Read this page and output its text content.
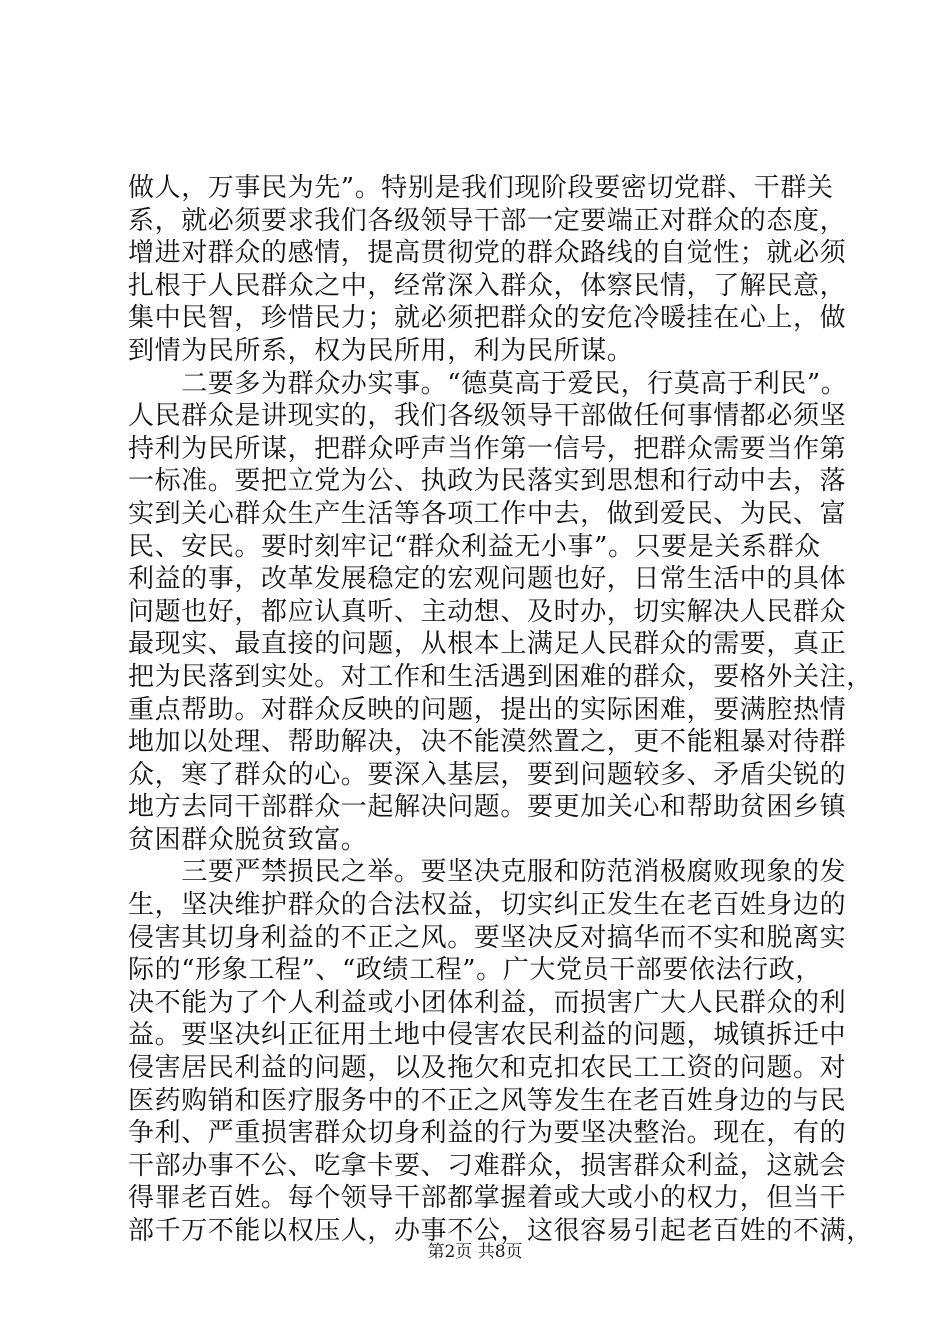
做人，万事民为先”。特别是我们现阶段要密切党群、干群关
系，就必须要求我们各级领导干部一定要端正对群众的态度，
增进对群众的感情，提高贯彻党的群众路线的自觉性；就必须
扎根于人民群众之中，经常深入群众，体察民情，了解民意，
集中民智，珍惜民力；就必须把群众的安危冷暖挂在心上，做
到情为民所系，权为民所用，利为民所谋。
　　二要多为群众办实事。“德莫高于爱民，行莫高于利民”。
人民群众是讲现实的，我们各级领导干部做任何事情都必须坚
持利为民所谋，把群众呼声当作第一信号，把群众需要当作第
一标准。要把立党为公、执政为民落实到思想和行动中去，落
实到关心群众生产生活等各项工作中去，做到爱民、为民、富
民、安民。要时刻牢记“群众利益无小事”。只要是关系群众
利益的事，改革发展稳定的宏观问题也好，日常生活中的具体
问题也好，都应认真听、主动想、及时办，切实解决人民群众
最现实、最直接的问题，从根本上满足人民群众的需要，真正
把为民落到实处。对工作和生活遇到困难的群众，要格外关注，
重点帮助。对群众反映的问题，提出的实际困难，要满腔热情
地加以处理、帮助解决，决不能漠然置之，更不能粗暴对待群
众，寒了群众的心。要深入基层，要到问题较多、矛盾尖锐的
地方去同干部群众一起解决问题。要更加关心和帮助贫困乡镇
贫困群众脱贫致富。
　　三要严禁损民之举。要坚决克服和防范消极腐败现象的发
生，坚决维护群众的合法权益，切实纠正发生在老百姓身边的
侵害其切身利益的不正之风。要坚决反对搞华而不实和脱离实
际的“形象工程”、“政绩工程”。广大党员干部要依法行政，
决不能为了个人利益或小团体利益，而损害广大人民群众的利
益。要坚决纠正征用土地中侵害农民利益的问题，城镇拆迁中
侵害居民利益的问题，以及拖欠和克扣农民工工资的问题。对
医药购销和医疗服务中的不正之风等发生在老百姓身边的与民
争利、严重损害群众切身利益的行为要坚决整治。现在，有的
干部办事不公、吃拿卡要、刁难群众，损害群众利益，这就会
得罪老百姓。每个领导干部都掌握着或大或小的权力，但当干
部千万不能以权压人，办事不公，这很容易引起老百姓的不满，
第2页 共8页
